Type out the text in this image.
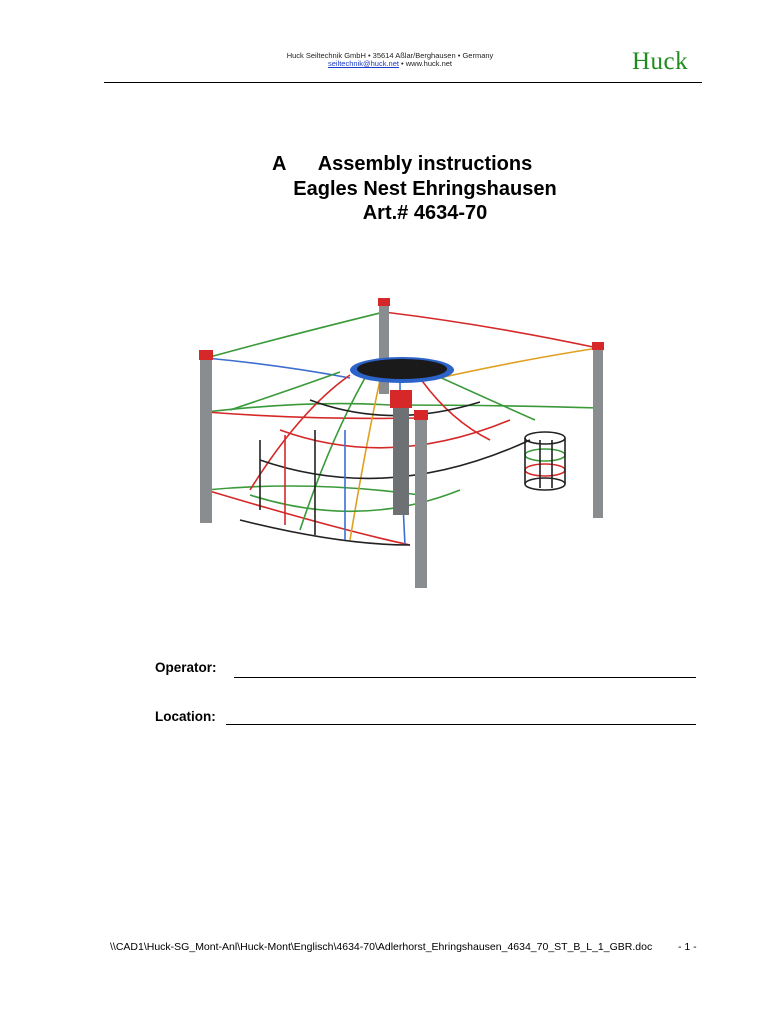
Huck Seiltechnik GmbH • 35614 Aßlar/Berghausen • Germany
seiltechnik@huck.net • www.huck.net	Huck
A	Assembly instructions
Eagles Nest Ehringshausen
Art.# 4634-70
Operator:
Location:
\\CAD1\Huck-SG_Mont-Anl\Huck-Mont\Englisch\4634-70\Adlerhorst_Ehringshausen_4634_70_ST_B_L_1_GBR.doc - 1 -
